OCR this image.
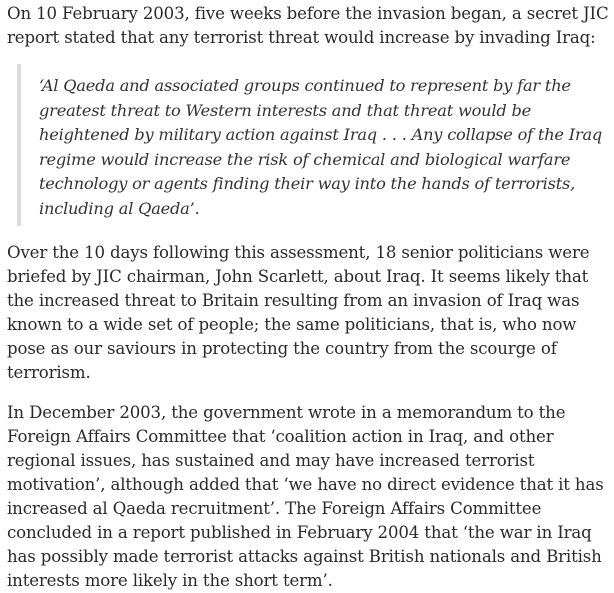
On 10 February 2003, five weeks before the invasion began, a secret JIC report stated that any terrorist threat would increase by invading Iraq:

‘Al Qaeda and associated groups continued to represent by far the greatest threat to Western interests and that threat would be heightened by military action against Iraq . . . Any collapse of the Iraq regime would increase the risk of chemical and biological warfare technology or agents finding their way into the hands of terrorists, including al Qaeda’.

Over the 10 days following this assessment, 18 senior politicians were briefed by JIC chairman, John Scarlett, about Iraq. It seems likely that the increased threat to Britain resulting from an invasion of Iraq was known to a wide set of people; the same politicians, that is, who now pose as our saviours in protecting the country from the scourge of terrorism.

In December 2003, the government wrote in a memorandum to the Foreign Affairs Committee that ‘coalition action in Iraq, and other regional issues, has sustained and may have increased terrorist motivation’, although added that ‘we have no direct evidence that it has increased al Qaeda recruitment’. The Foreign Affairs Committee concluded in a report published in February 2004 that ‘the war in Iraq has possibly made terrorist attacks against British nationals and British interests more likely in the short term’.
